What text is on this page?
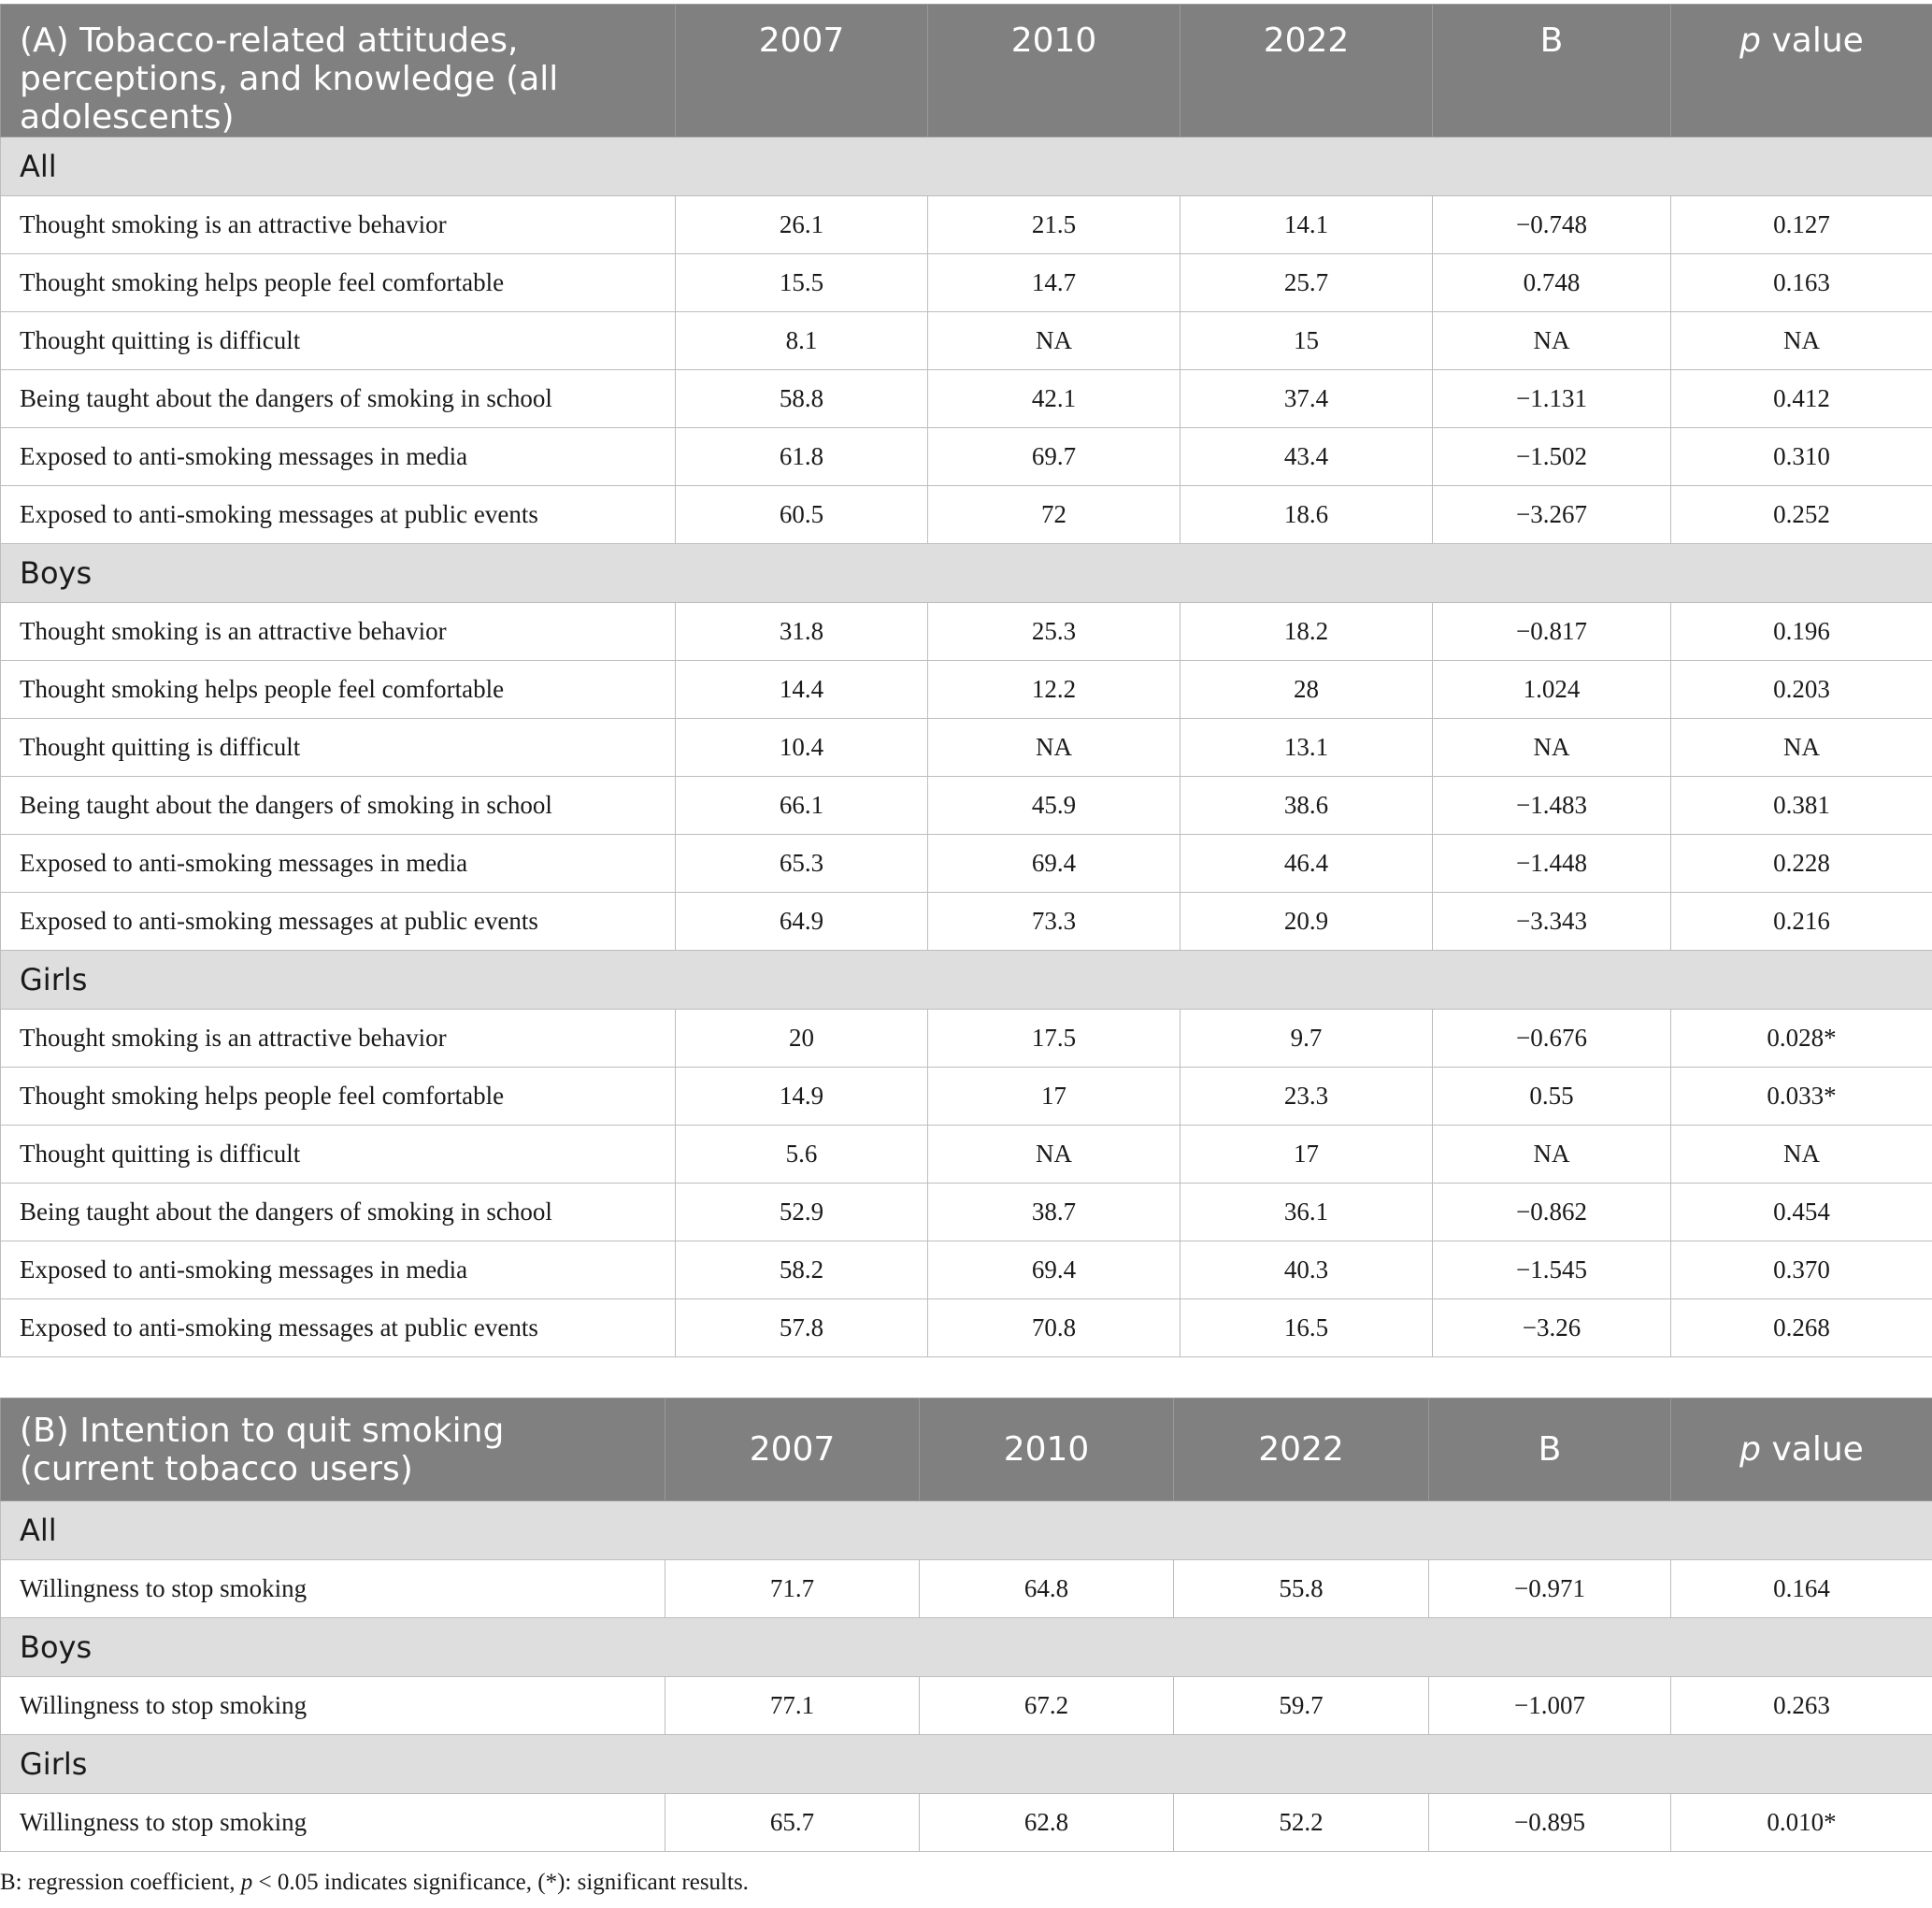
(A) Tobacco-related attitudes, perceptions, and knowledge (all adolescents)	2007	2010	2022	B	p value
All					
Thought smoking is an attractive behavior	26.1	21.5	14.1	−0.748	0.127
Thought smoking helps people feel comfortable	15.5	14.7	25.7	0.748	0.163
Thought quitting is difficult	8.1	NA	15	NA	NA
Being taught about the dangers of smoking in school	58.8	42.1	37.4	−1.131	0.412
Exposed to anti-smoking messages in media	61.8	69.7	43.4	−1.502	0.310
Exposed to anti-smoking messages at public events	60.5	72	18.6	−3.267	0.252
Boys					
Thought smoking is an attractive behavior	31.8	25.3	18.2	−0.817	0.196
Thought smoking helps people feel comfortable	14.4	12.2	28	1.024	0.203
Thought quitting is difficult	10.4	NA	13.1	NA	NA
Being taught about the dangers of smoking in school	66.1	45.9	38.6	−1.483	0.381
Exposed to anti-smoking messages in media	65.3	69.4	46.4	−1.448	0.228
Exposed to anti-smoking messages at public events	64.9	73.3	20.9	−3.343	0.216
Girls					
Thought smoking is an attractive behavior	20	17.5	9.7	−0.676	0.028*
Thought smoking helps people feel comfortable	14.9	17	23.3	0.55	0.033*
Thought quitting is difficult	5.6	NA	17	NA	NA
Being taught about the dangers of smoking in school	52.9	38.7	36.1	−0.862	0.454
Exposed to anti-smoking messages in media	58.2	69.4	40.3	−1.545	0.370
Exposed to anti-smoking messages at public events	57.8	70.8	16.5	−3.26	0.268
(B) Intention to quit smoking (current tobacco users)	2007	2010	2022	B	p value
All					
Willingness to stop smoking	71.7	64.8	55.8	−0.971	0.164
Boys					
Willingness to stop smoking	77.1	67.2	59.7	−1.007	0.263
Girls					
Willingness to stop smoking	65.7	62.8	52.2	−0.895	0.010*
B: regression coefficient, p < 0.05 indicates significance, (*): significant results.
